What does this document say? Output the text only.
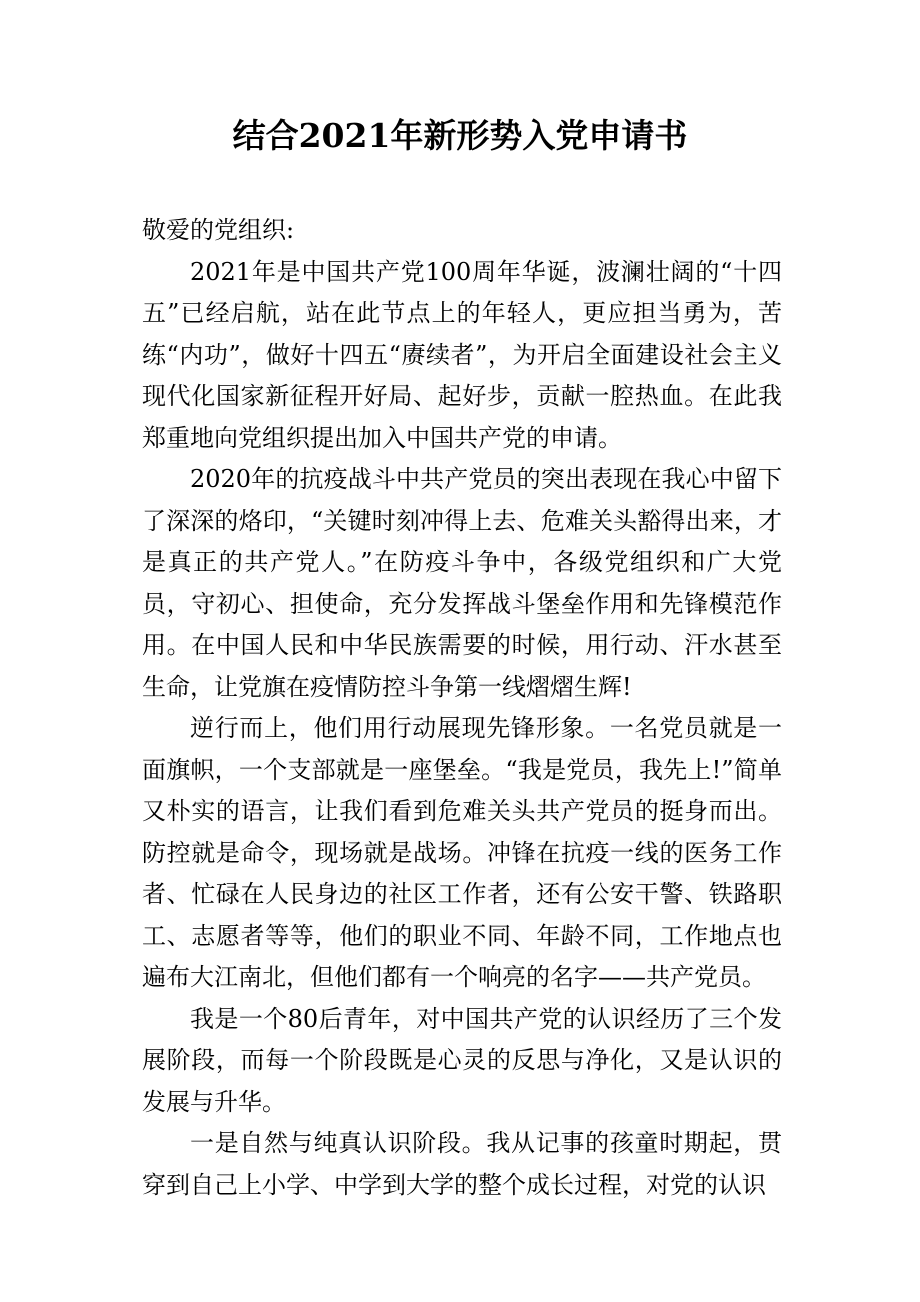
结合2021年新形势入党申请书

敬爱的党组织:

2021年是中国共产党100周年华诞，波澜壮阔的“十四五”已经启航，站在此节点上的年轻人，更应担当勇为，苦练“内功”，做好十四五“赓续者”，为开启全面建设社会主义现代化国家新征程开好局、起好步，贡献一腔热血。在此我郑重地向党组织提出加入中国共产党的申请。

2020年的抗疫战斗中共产党员的突出表现在我心中留下了深深的烙印，“关键时刻冲得上去、危难关头豁得出来，才是真正的共产党人。”在防疫斗争中，各级党组织和广大党员，守初心、担使命，充分发挥战斗堡垒作用和先锋模范作用。在中国人民和中华民族需要的时候，用行动、汗水甚至生命，让党旗在疫情防控斗争第一线熠熠生辉!

逆行而上，他们用行动展现先锋形象。一名党员就是一面旗帜，一个支部就是一座堡垒。“我是党员，我先上!”简单又朴实的语言，让我们看到危难关头共产党员的挺身而出。防控就是命令，现场就是战场。冲锋在抗疫一线的医务工作者、忙碌在人民身边的社区工作者，还有公安干警、铁路职工、志愿者等等，他们的职业不同、年龄不同，工作地点也遍布大江南北，但他们都有一个响亮的名字——共产党员。

我是一个80后青年，对中国共产党的认识经历了三个发展阶段，而每一个阶段既是心灵的反思与净化，又是认识的发展与升华。

一是自然与纯真认识阶段。我从记事的孩童时期起，贯穿到自己上小学、中学到大学的整个成长过程，对党的认识
